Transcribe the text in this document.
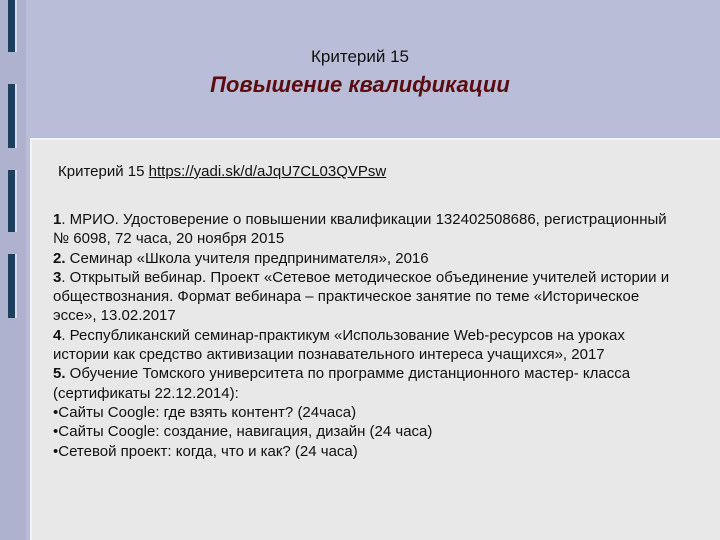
Критерий 15

Повышение квалификации

Критерий 15 https://yadi.sk/d/aJqU7CL03QVPsw

1. МРИО. Удостоверение о повышении квалификации 132402508686, регистрационный № 6098, 72 часа, 20 ноября 2015

2. Семинар «Школа учителя предпринимателя», 2016

3. Открытый вебинар. Проект «Сетевое методическое объединение учителей истории и обществознания. Формат вебинара – практическое занятие по теме «Историческое эссе», 13.02.2017

4. Республиканский семинар-практикум «Использование Web-ресурсов на уроках истории как средство активизации познавательного интереса учащихся», 2017

5. Обучение Томского университета по программе дистанционного мастер- класса (сертификаты 22.12.2014):

•Сайты Coogle: где взять контент? (24часа)

•Сайты Coogle: создание, навигация, дизайн (24 часа)

•Сетевой проект: когда, что и как? (24 часа)
